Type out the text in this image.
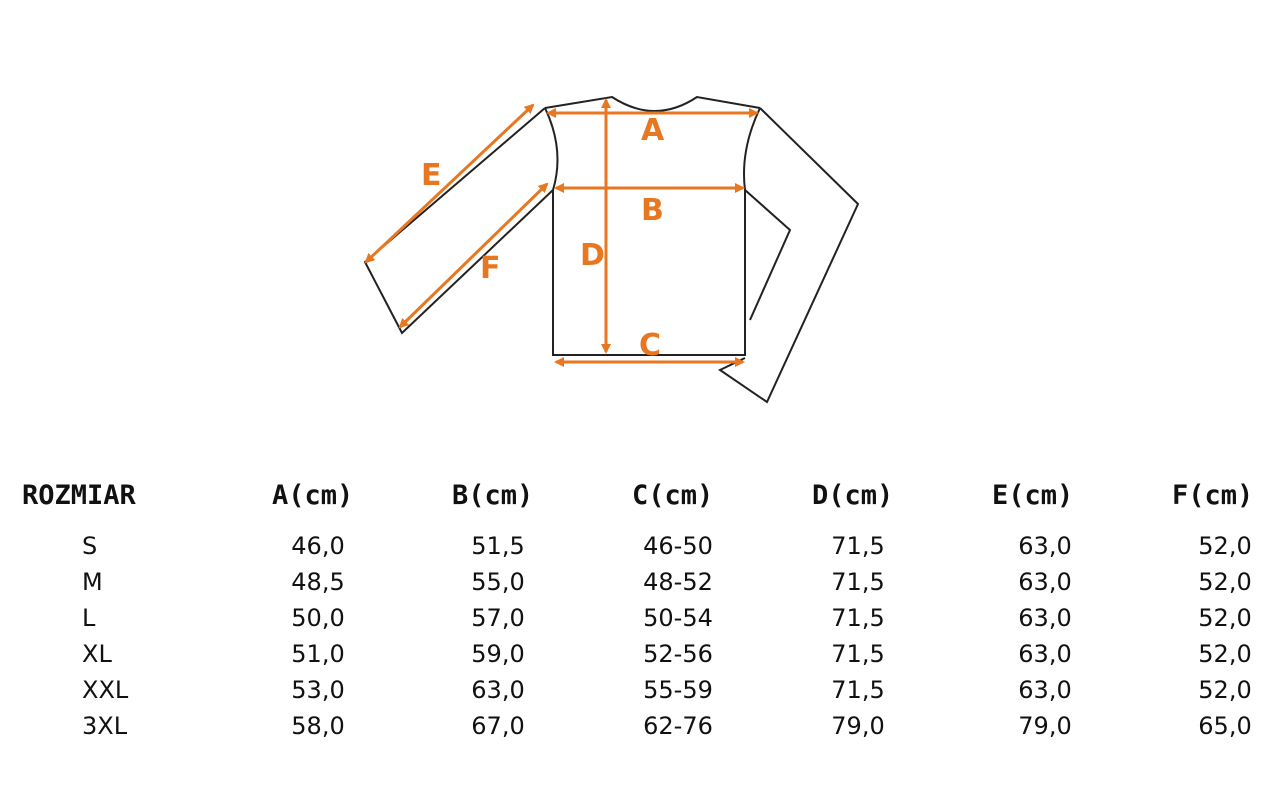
A
B
C
D
E
F
ROZMIAR	A(cm)	B(cm)	C(cm)	D(cm)	E(cm)	F(cm)
S	46,0	51,5	46-50	71,5	63,0	52,0
M	48,5	55,0	48-52	71,5	63,0	52,0
L	50,0	57,0	50-54	71,5	63,0	52,0
XL	51,0	59,0	52-56	71,5	63,0	52,0
XXL	53,0	63,0	55-59	71,5	63,0	52,0
3XL	58,0	67,0	62-76	79,0	79,0	65,0
